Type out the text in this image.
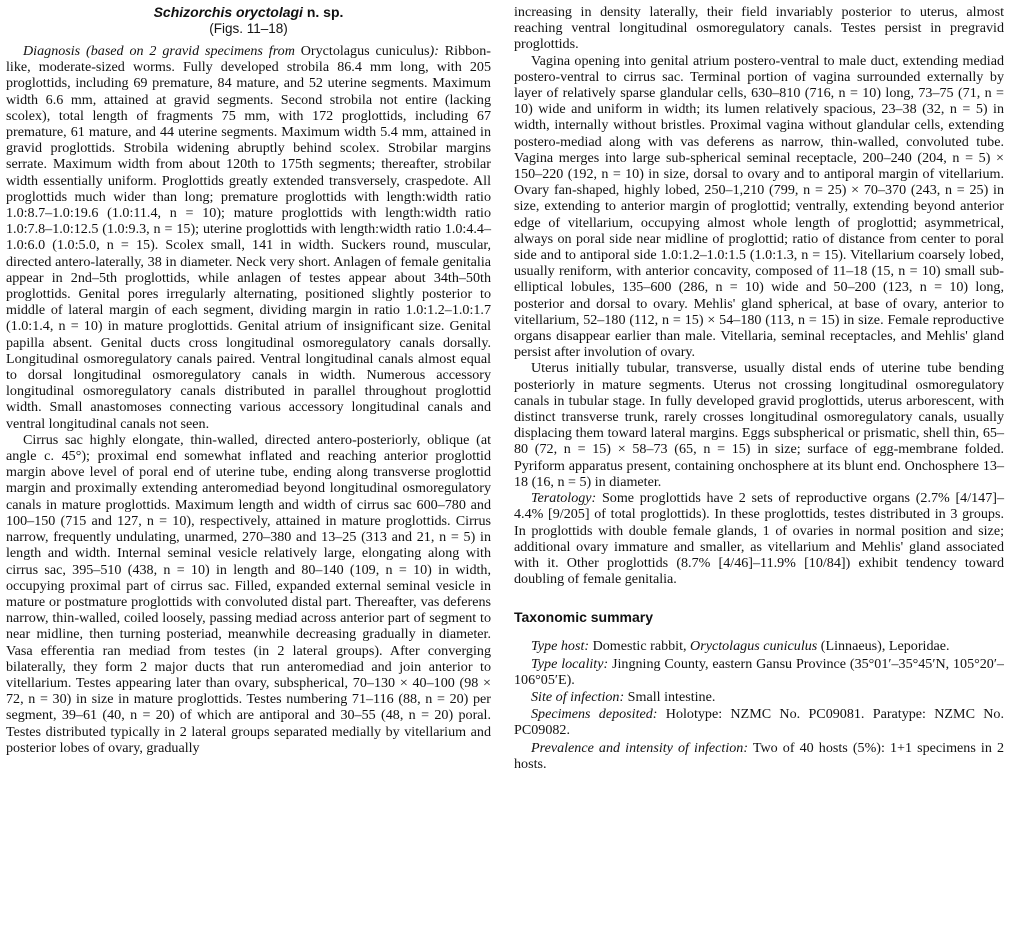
Schizorchis oryctolagi n. sp.
(Figs. 11–18)

Diagnosis (based on 2 gravid specimens from Oryctolagus cuniculus): Ribbon-like, moderate-sized worms. Fully developed strobila 86.4 mm long, with 205 proglottids, including 69 premature, 84 mature, and 52 uterine segments. Maximum width 6.6 mm, attained at gravid segments. Second strobila not entire (lacking scolex), total length of fragments 75 mm, with 172 proglottids, including 67 premature, 61 mature, and 44 uterine segments. Maximum width 5.4 mm, attained in gravid proglottids. Strobila widening abruptly behind scolex. Strobilar margins serrate. Maximum width from about 120th to 175th segments; thereafter, strobilar width essentially uniform. Proglottids greatly extended transversely, craspedote. All proglottids much wider than long; premature proglottids with length:width ratio 1.0:8.7–1.0:19.6 (1.0:11.4, n = 10); mature proglottids with length:width ratio 1.0:7.8–1.0:12.5 (1.0:9.3, n = 15); uterine proglottids with length:width ratio 1.0:4.4–1.0:6.0 (1.0:5.0, n = 15). Scolex small, 141 in width. Suckers round, muscular, directed antero-laterally, 38 in diameter. Neck very short. Anlagen of female genitalia appear in 2nd–5th proglottids, while anlagen of testes appear about 34th–50th proglottids. Genital pores irregularly alternating, positioned slightly posterior to middle of lateral margin of each segment, dividing margin in ratio 1.0:1.2–1.0:1.7 (1.0:1.4, n = 10) in mature proglottids. Genital atrium of insignificant size. Genital papilla absent. Genital ducts cross longitudinal osmoregulatory canals dorsally. Longitudinal osmoregulatory canals paired. Ventral longitudinal canals almost equal to dorsal longitudinal osmoregulatory canals in width. Numerous accessory longitudinal osmoregulatory canals distributed in parallel throughout proglottid width. Small anastomoses connecting various accessory longitudinal canals and ventral longitudinal canals not seen.

Cirrus sac highly elongate, thin-walled, directed antero-posteriorly, oblique (at angle c. 45°); proximal end somewhat inflated and reaching anterior proglottid margin above level of poral end of uterine tube, ending along transverse proglottid margin and proximally extending anteromediad beyond longitudinal osmoregulatory canals in mature proglottids. Maximum length and width of cirrus sac 600–780 and 100–150 (715 and 127, n = 10), respectively, attained in mature proglottids. Cirrus narrow, frequently undulating, unarmed, 270–380 and 13–25 (313 and 21, n = 5) in length and width. Internal seminal vesicle relatively large, elongating along with cirrus sac, 395–510 (438, n = 10) in length and 80–140 (109, n = 10) in width, occupying proximal part of cirrus sac. Filled, expanded external seminal vesicle in mature or postmature proglottids with convoluted distal part. Thereafter, vas deferens narrow, thin-walled, coiled loosely, passing mediad across anterior part of segment to near midline, then turning posteriad, meanwhile decreasing gradually in diameter. Vasa efferentia ran mediad from testes (in 2 lateral groups). After converging bilaterally, they form 2 major ducts that run anteromediad and join anterior to vitellarium. Testes appearing later than ovary, subspherical, 70–130 × 40–100 (98 × 72, n = 30) in size in mature proglottids. Testes numbering 71–116 (88, n = 20) per segment, 39–61 (40, n = 20) of which are antiporal and 30–55 (48, n = 20) poral. Testes distributed typically in 2 lateral groups separated medially by vitellarium and posterior lobes of ovary, gradually

increasing in density laterally, their field invariably posterior to uterus, almost reaching ventral longitudinal osmoregulatory canals. Testes persist in pregravid proglottids.

Vagina opening into genital atrium postero-ventral to male duct, extending mediad postero-ventral to cirrus sac. Terminal portion of vagina surrounded externally by layer of relatively sparse glandular cells, 630–810 (716, n = 10) long, 73–75 (71, n = 10) wide and uniform in width; its lumen relatively spacious, 23–38 (32, n = 5) in width, internally without bristles. Proximal vagina without glandular cells, extending postero-mediad along with vas deferens as narrow, thin-walled, convoluted tube. Vagina merges into large sub-spherical seminal receptacle, 200–240 (204, n = 5) × 150–220 (192, n = 10) in size, dorsal to ovary and to antiporal margin of vitellarium. Ovary fan-shaped, highly lobed, 250–1,210 (799, n = 25) × 70–370 (243, n = 25) in size, extending to anterior margin of proglottid; ventrally, extending beyond anterior edge of vitellarium, occupying almost whole length of proglottid; asymmetrical, always on poral side near midline of proglottid; ratio of distance from center to poral side and to antiporal side 1.0:1.2–1.0:1.5 (1.0:1.3, n = 15). Vitellarium coarsely lobed, usually reniform, with anterior concavity, composed of 11–18 (15, n = 10) small sub-elliptical lobules, 135–600 (286, n = 10) wide and 50–200 (123, n = 10) long, posterior and dorsal to ovary. Mehlis' gland spherical, at base of ovary, anterior to vitellarium, 52–180 (112, n = 15) × 54–180 (113, n = 15) in size. Female reproductive organs disappear earlier than male. Vitellaria, seminal receptacles, and Mehlis' gland persist after involution of ovary.

Uterus initially tubular, transverse, usually distal ends of uterine tube bending posteriorly in mature segments. Uterus not crossing longitudinal osmoregulatory canals in tubular stage. In fully developed gravid proglottids, uterus arborescent, with distinct transverse trunk, rarely crosses longitudinal osmoregulatory canals, usually displacing them toward lateral margins. Eggs subspherical or prismatic, shell thin, 65–80 (72, n = 15) × 58–73 (65, n = 15) in size; surface of egg-membrane folded. Pyriform apparatus present, containing onchosphere at its blunt end. Onchosphere 13–18 (16, n = 5) in diameter.

Teratology: Some proglottids have 2 sets of reproductive organs (2.7% [4/147]–4.4% [9/205] of total proglottids). In these proglottids, testes distributed in 3 groups. In proglottids with double female glands, 1 of ovaries in normal position and size; additional ovary immature and smaller, as vitellarium and Mehlis' gland associated with it. Other proglottids (8.7% [4/46]–11.9% [10/84]) exhibit tendency toward doubling of female genitalia.

Taxonomic summary

Type host: Domestic rabbit, Oryctolagus cuniculus (Linnaeus), Leporidae.

Type locality: Jingning County, eastern Gansu Province (35°01′–35°45′N, 105°20′–106°05′E).

Site of infection: Small intestine.

Specimens deposited: Holotype: NZMC No. PC09081. Paratype: NZMC No. PC09082.

Prevalence and intensity of infection: Two of 40 hosts (5%): 1+1 specimens in 2 hosts.
